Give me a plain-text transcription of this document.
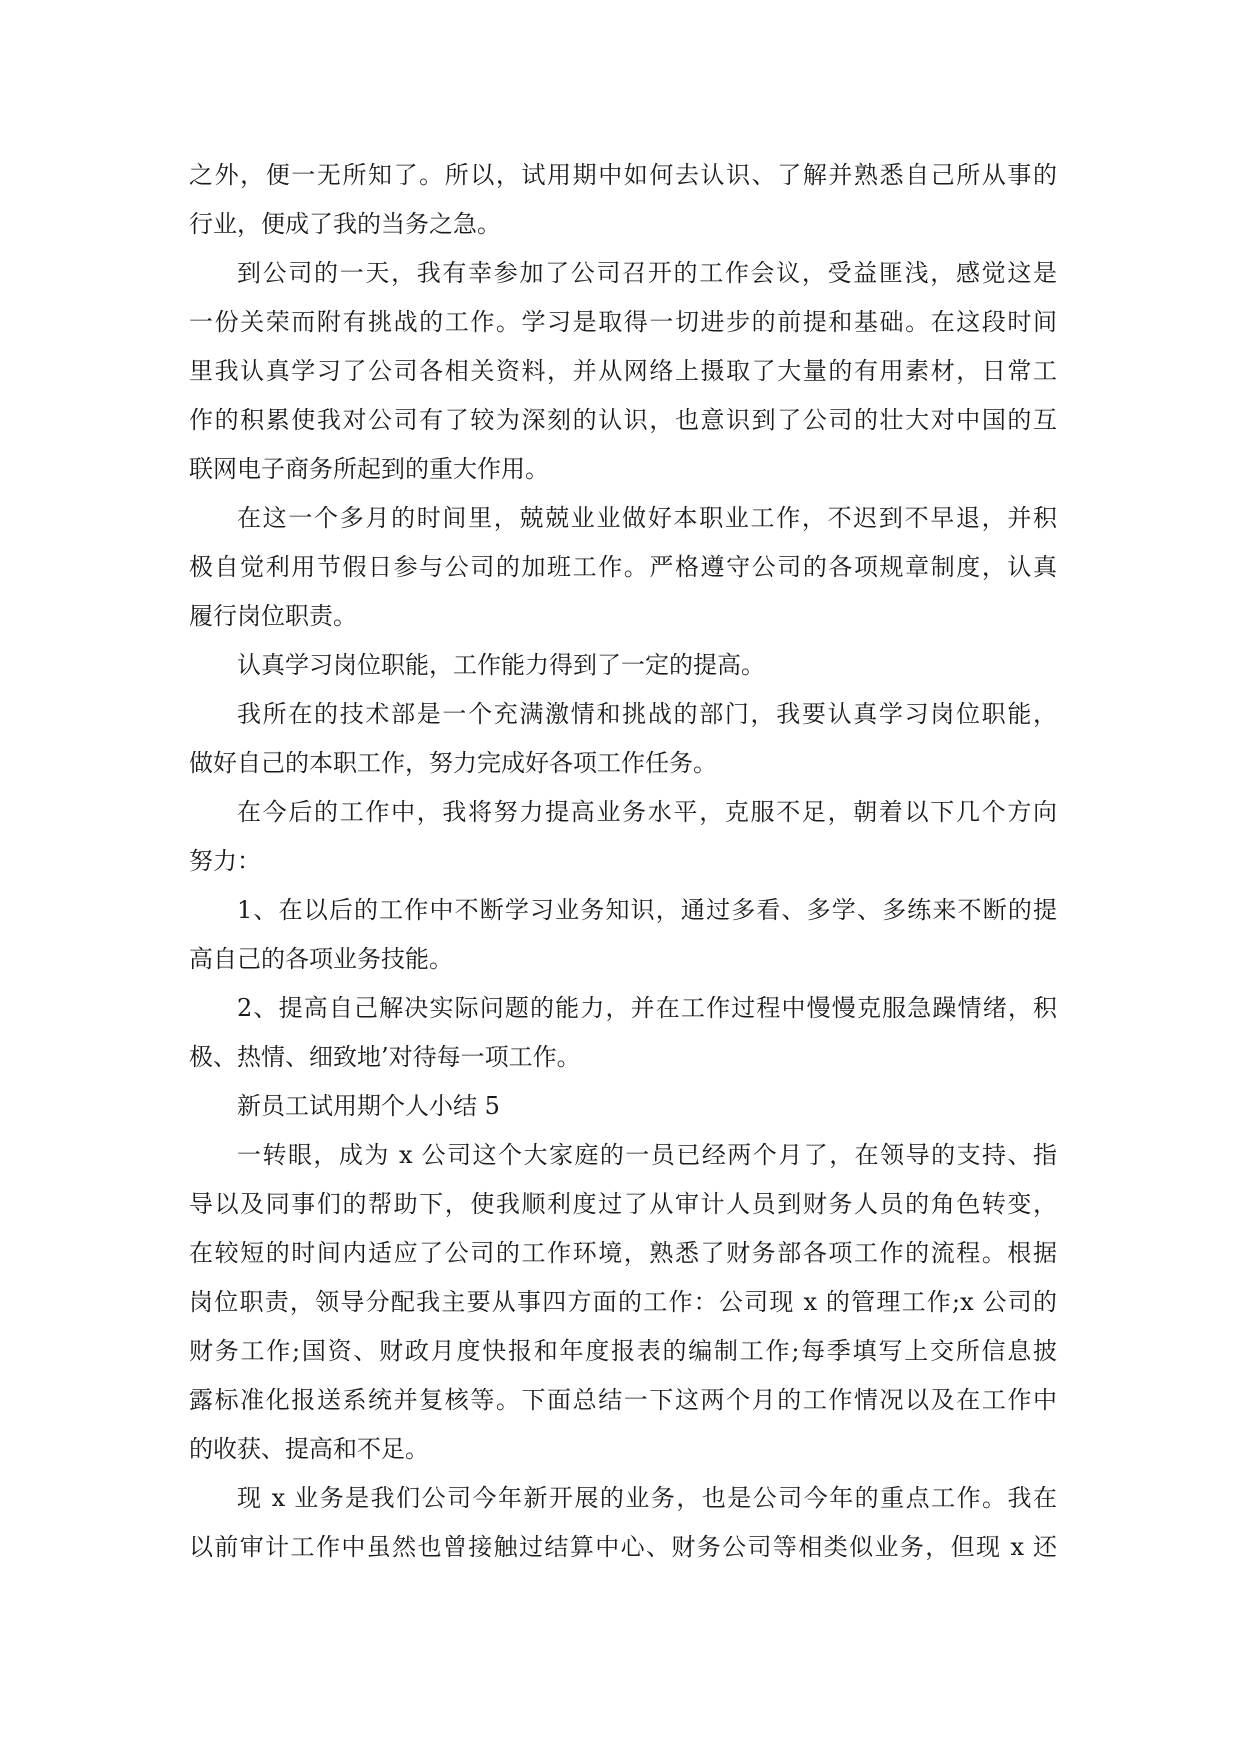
之外，便一无所知了。所以，试用期中如何去认识、了解并熟悉自己所从事的
行业，便成了我的当务之急。
到公司的一天，我有幸参加了公司召开的工作会议，受益匪浅，感觉这是
一份关荣而附有挑战的工作。学习是取得一切进步的前提和基础。在这段时间
里我认真学习了公司各相关资料，并从网络上摄取了大量的有用素材，日常工
作的积累使我对公司有了较为深刻的认识，也意识到了公司的壮大对中国的互
联网电子商务所起到的重大作用。
在这一个多月的时间里，兢兢业业做好本职业工作，不迟到不早退，并积
极自觉利用节假日参与公司的加班工作。严格遵守公司的各项规章制度，认真
履行岗位职责。
认真学习岗位职能，工作能力得到了一定的提高。
我所在的技术部是一个充满激情和挑战的部门，我要认真学习岗位职能，
做好自己的本职工作，努力完成好各项工作任务。
在今后的工作中，我将努力提高业务水平，克服不足，朝着以下几个方向
努力：
1、在以后的工作中不断学习业务知识，通过多看、多学、多练来不断的提
高自己的各项业务技能。
2、提高自己解决实际问题的能力，并在工作过程中慢慢克服急躁情绪，积
极、热情、细致地’对待每一项工作。
新员工试用期个人小结 5
一转眼，成为 x 公司这个大家庭的一员已经两个月了，在领导的支持、指
导以及同事们的帮助下，使我顺利度过了从审计人员到财务人员的角色转变，
在较短的时间内适应了公司的工作环境，熟悉了财务部各项工作的流程。根据
岗位职责，领导分配我主要从事四方面的工作：公司现 x 的管理工作;x 公司的
财务工作;国资、财政月度快报和年度报表的编制工作;每季填写上交所信息披
露标准化报送系统并复核等。下面总结一下这两个月的工作情况以及在工作中
的收获、提高和不足。
现 x 业务是我们公司今年新开展的业务，也是公司今年的重点工作。我在
以前审计工作中虽然也曾接触过结算中心、财务公司等相类似业务，但现 x 还
